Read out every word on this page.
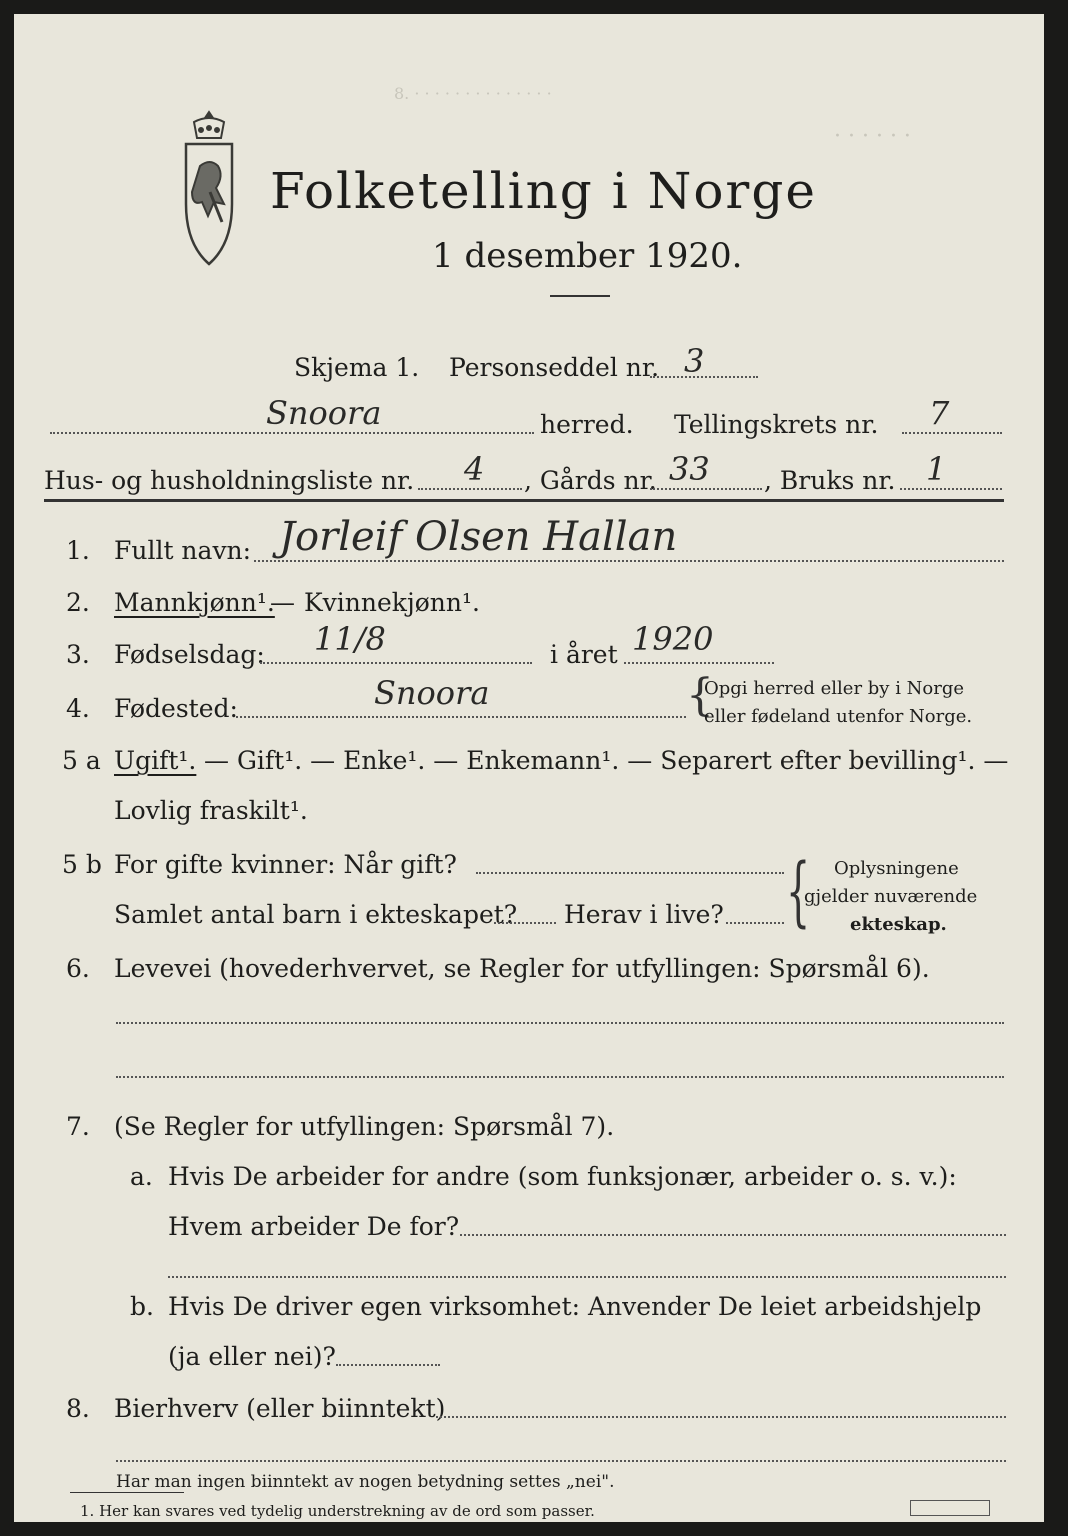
8. · · · · · · · · · · · · · ·
· · · · · ·
Folketelling i Norge
1 desember 1920.
Skjema 1. Personseddel nr. 3
Snoora	herred. Tellingskrets nr. 7
Hus- og husholdningsliste nr. 4 , Gårds nr. 33 , Bruks nr. 1
1. Fullt navn: Jorleif Olsen Hallan
2. Mannkjønn¹.
— Kvinnekjønn¹.
3. Fødselsdag: 11/8	i året 1920
4. Fødested:	Snoora	{
Opgi herred eller by i Norge
eller fødeland utenfor Norge.
5 a Ugift¹. — Gift¹. — Enke¹. — Enkemann¹. — Separert efter bevilling¹. —
Lovlig fraskilt¹.
5 b For gifte kvinner: Når gift?
Samlet antal barn i ekteskapet? Herav i live? { Oplysningene
gjelder nuværende
ekteskap.
6. Levevei (hovederhvervet, se Regler for utfyllingen: Spørsmål 6).
7. (Se Regler for utfyllingen: Spørsmål 7).
a. Hvis De arbeider for andre (som funksjonær, arbeider o. s. v.):
Hvem arbeider De for?
b. Hvis De driver egen virksomhet: Anvender De leiet arbeidshjelp
(ja eller nei)?
8. Bierhverv (eller biinntekt)
Har man ingen biinntekt av nogen betydning settes „nei".
1. Her kan svares ved tydelig understrekning av de ord som passer.
